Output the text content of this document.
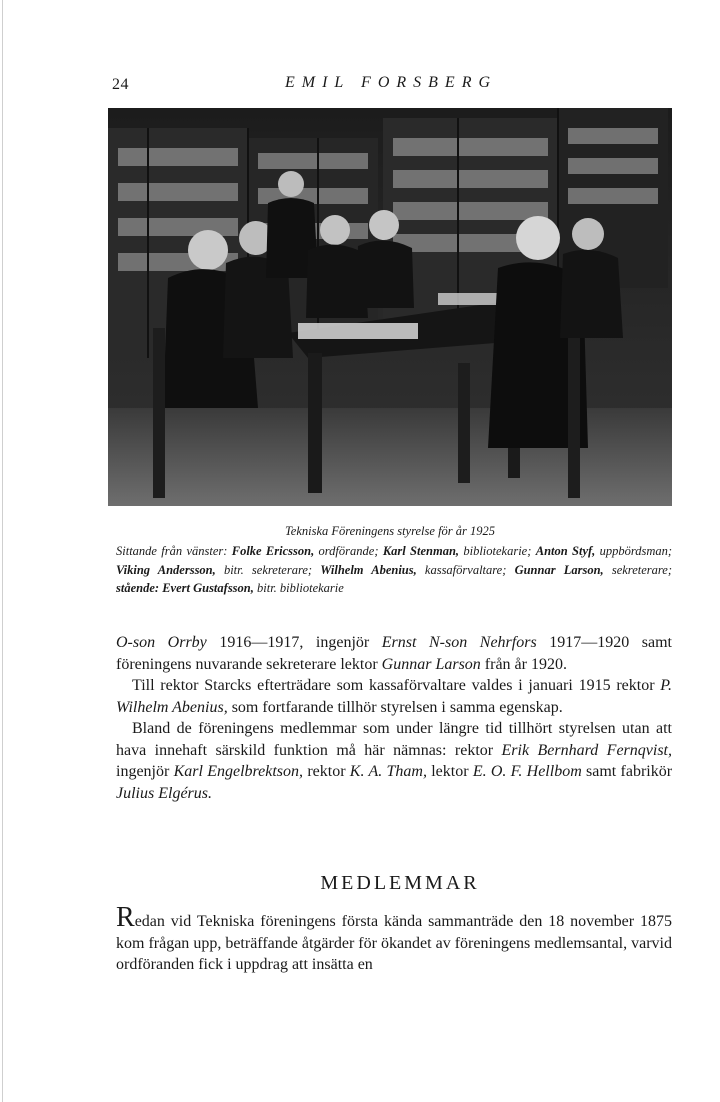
24	EMIL FORSBERG
Tekniska Föreningens styrelse för år 1925
Sittande från vänster: Folke Ericsson, ordförande; Karl Stenman, bibliotekarie; Anton Styf, uppbördsman; Viking Andersson, bitr. sekreterare; Wilhelm Abenius, kassaförvaltare; Gunnar Larson, sekreterare; stående: Evert Gustafsson, bitr. bibliotekarie

O-son Orrby 1916—1917, ingenjör Ernst N-son Nehrfors 1917—1920 samt föreningens nuvarande sekreterare lektor Gunnar Larson från år 1920.

Till rektor Starcks efterträdare som kassaförvaltare valdes i januari 1915 rektor P. Wilhelm Abenius, som fortfarande tillhör styrelsen i samma egenskap.

Bland de föreningens medlemmar som under längre tid tillhört styrelsen utan att hava innehaft särskild funktion må här nämnas: rektor Erik Bernhard Fernqvist, ingenjör Karl Engelbrektson, rektor K. A. Tham, lektor E. O. F. Hellbom samt fabrikör Julius Elgérus.

MEDLEMMAR
Redan vid Tekniska föreningens första kända sammanträde den 18 november 1875 kom frågan upp, beträffande åtgärder för ökandet av föreningens medlemsantal, varvid ordföranden fick i uppdrag att insätta en
